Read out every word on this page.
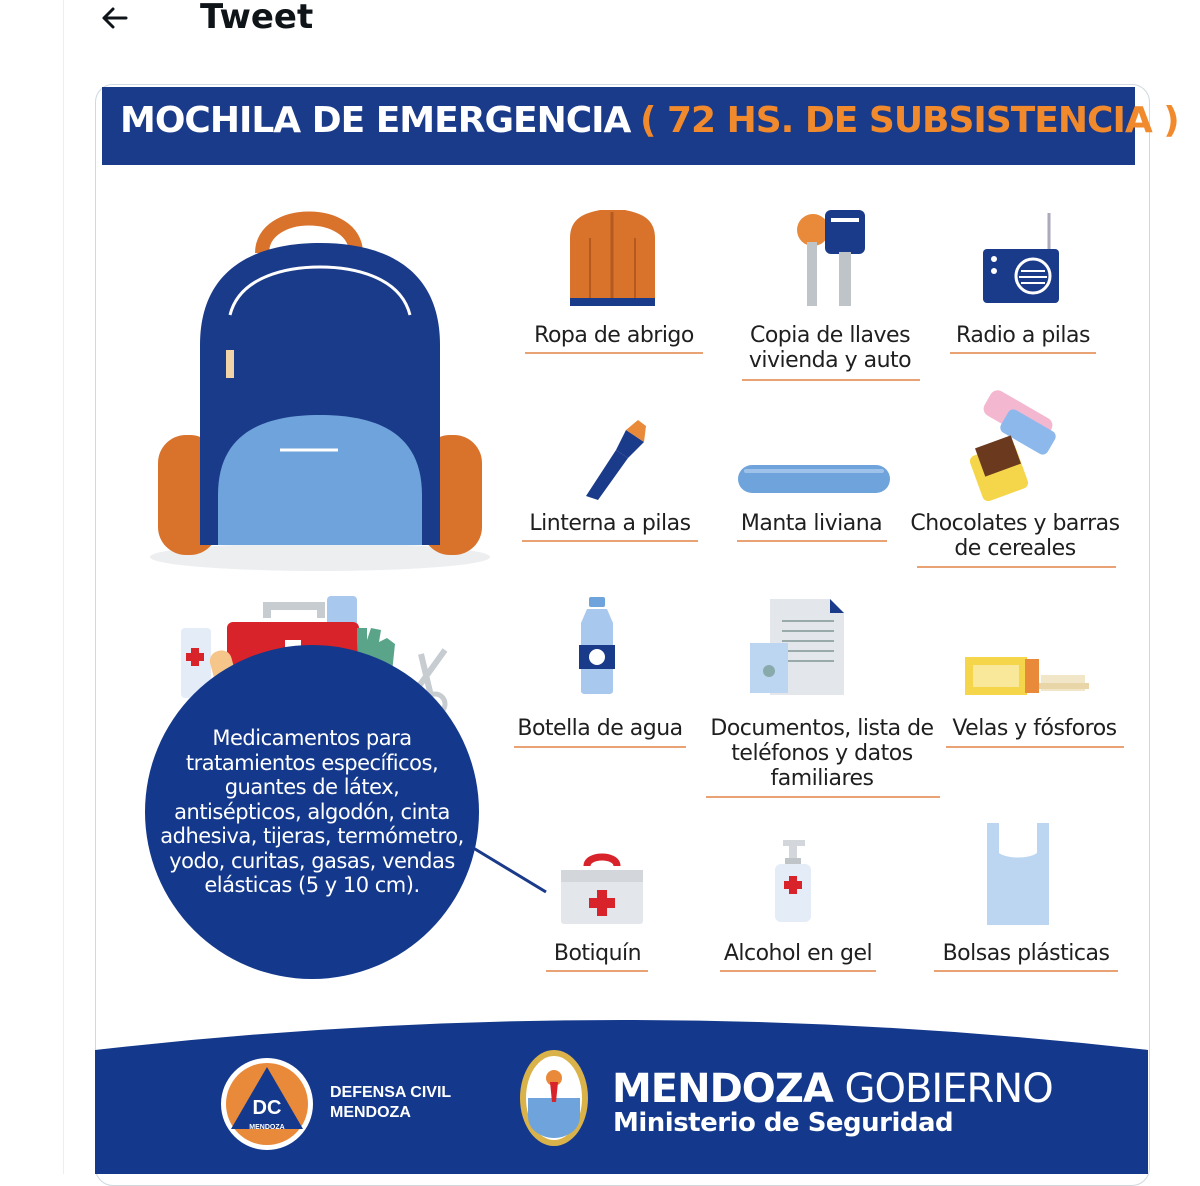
Tweet
MOCHILA DE EMERGENCIA ( 72 HS. DE SUBSISTENCIA )
Medicamentos para tratamientos específicos, guantes de látex, antisépticos, algodón, cinta adhesiva, tijeras, termómetro, yodo, curitas, gasas, vendas elásticas (5 y 10 cm).
Ropa de abrigo	Copia de llaves vivienda y auto
Radio a pilas
Linterna a pilas	Manta liviana	Chocolates y barras de cereales
Botella de agua	Documentos, lista de teléfonos y datos familiares
Velas y fósforos
Botiquín	Alcohol en gel	Bolsas plásticas
DC
MENDOZA
DEFENSA CIVIL
MENDOZA
MENDOZA GOBIERNO
Ministerio de Seguridad
